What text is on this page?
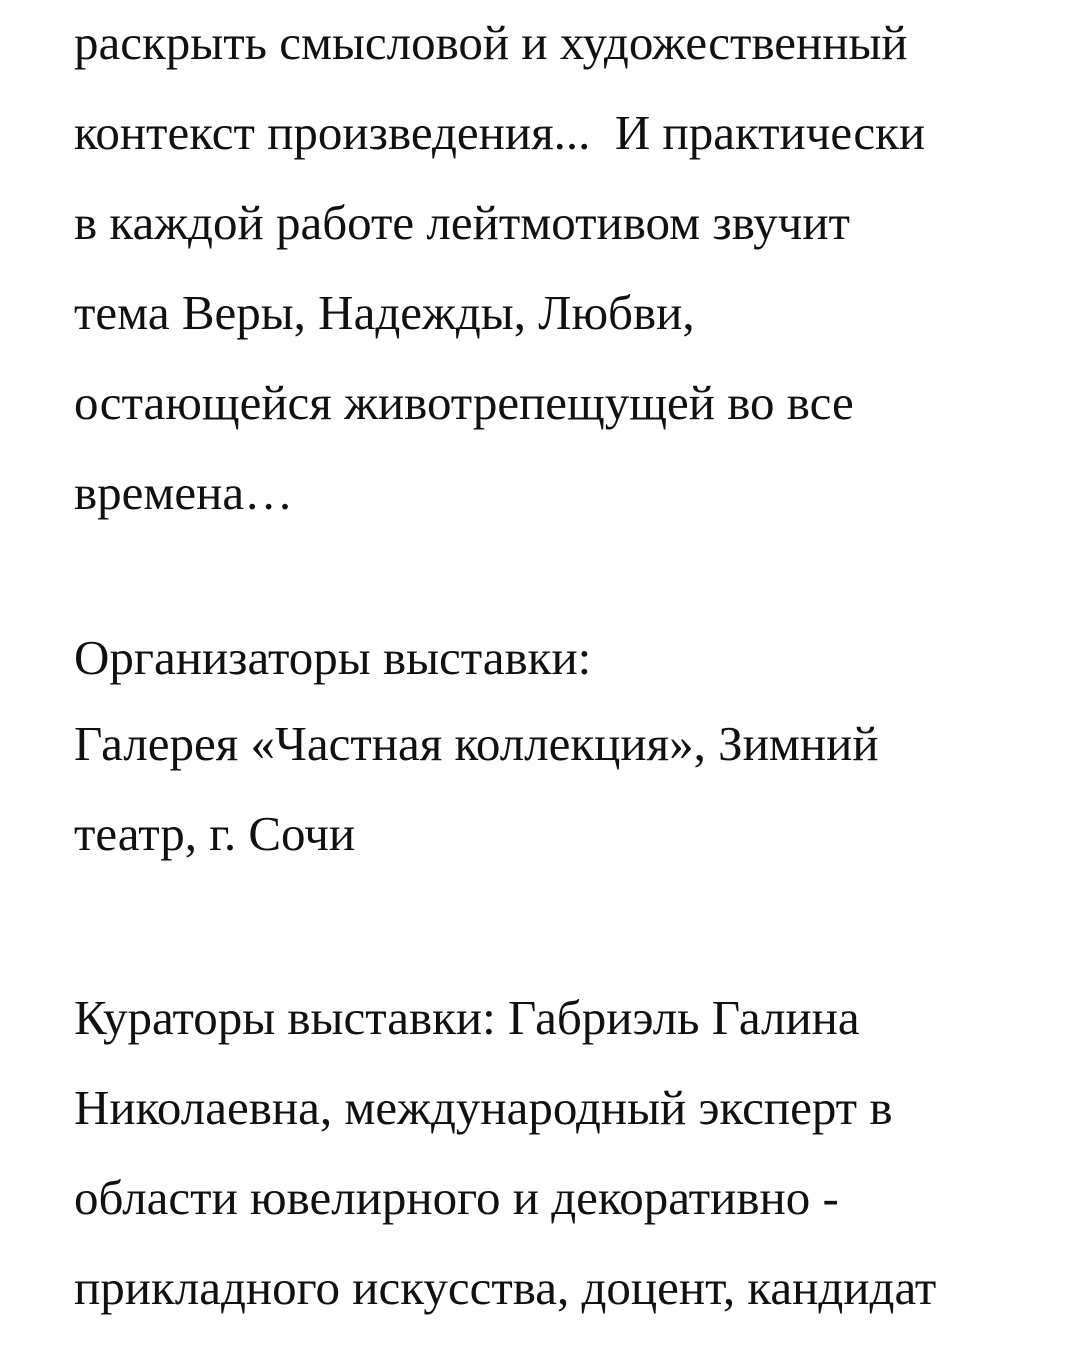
раскрыть смысловой и художественный
контекст произведения...  И практически
в каждой работе лейтмотивом звучит
тема Веры, Надежды, Любви,
остающейся животрепещущей во все
времена…
Организаторы выставки:
Галерея «Частная коллекция», Зимний
театр, г. Сочи
Кураторы выставки: Габриэль Галина
Николаевна, международный эксперт в
области ювелирного и декоративно -
прикладного искусства, доцент, кандидат
